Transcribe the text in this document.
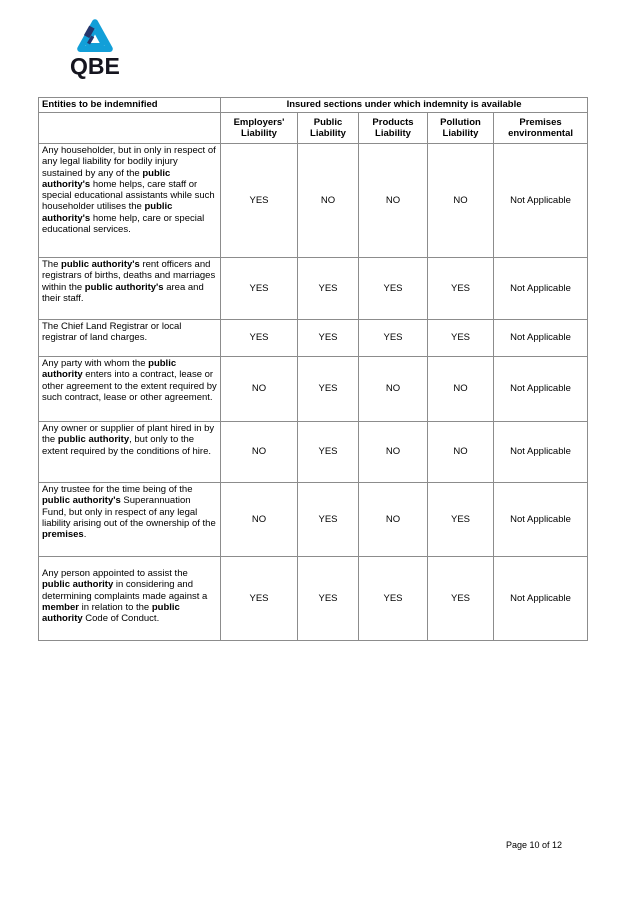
QBE
Entities to be indemnified	Insured sections under which indemnity is available				
	Employers' Liability	Public Liability	Products Liability	Pollution Liability	Premises environmental
Any householder, but in only in respect of any legal liability for bodily injury sustained by any of the public authority's home helps, care staff or special educational assistants while such householder utilises the public authority's home help, care or special educational services.	YES	NO	NO	NO	Not Applicable
The public authority's rent officers and registrars of births, deaths and marriages within the public authority's area and their staff.	YES	YES	YES	YES	Not Applicable
The Chief Land Registrar or local registrar of land charges.	YES	YES	YES	YES	Not Applicable
Any party with whom the public authority enters into a contract, lease or other agreement to the extent required by such contract, lease or other agreement.	NO	YES	NO	NO	Not Applicable
Any owner or supplier of plant hired in by the public authority, but only to the extent required by the conditions of hire.	NO	YES	NO	NO	Not Applicable
Any trustee for the time being of the public authority's Superannuation Fund, but only in respect of any legal liability arising out of the ownership of the premises.	NO	YES	NO	YES	Not Applicable
Any person appointed to assist the public authority in considering and determining complaints made against a member in relation to the public authority Code of Conduct.	YES	YES	YES	YES	Not Applicable
Page 10 of 12
